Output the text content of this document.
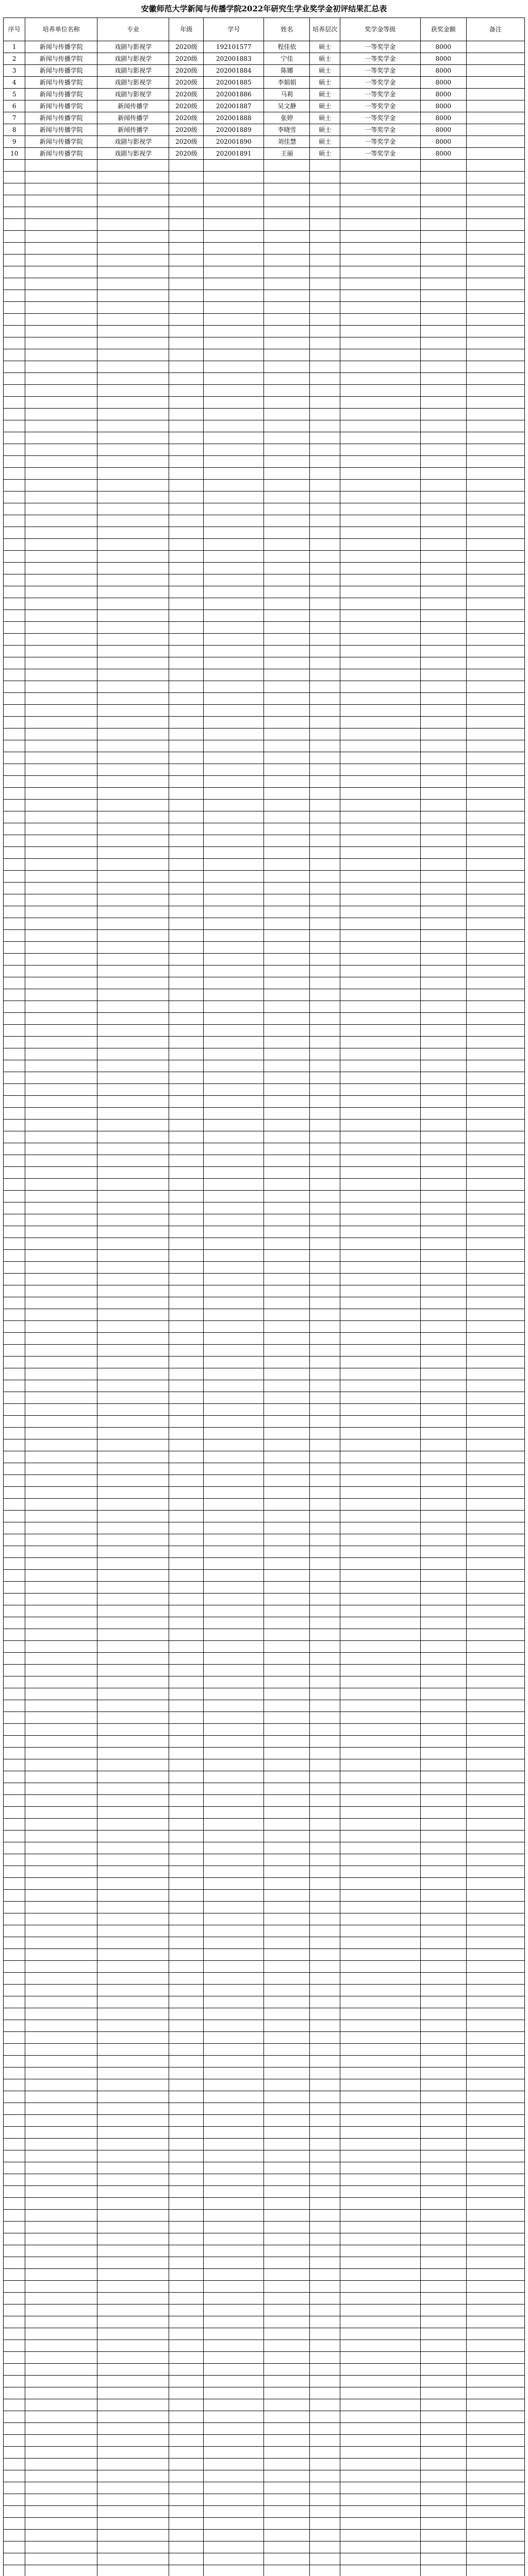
安徽师范大学新闻与传播学院2022年研究生学业奖学金初评结果汇总表
序号	培养单位名称	专业	年级	学号	姓名	培养层次	奖学金等级	获奖金额	备注
1	新闻与传播学院	戏剧与影视学	2020级	192101577	程佳依	硕士	一等奖学金	8000	
2	新闻与传播学院	戏剧与影视学	2020级	202001883	宁佳	硕士	一等奖学金	8000	
3	新闻与传播学院	戏剧与影视学	2020级	202001884	陈娜	硕士	一等奖学金	8000	
4	新闻与传播学院	戏剧与影视学	2020级	202001885	李娟娟	硕士	一等奖学金	8000	
5	新闻与传播学院	戏剧与影视学	2020级	202001886	马莉	硕士	一等奖学金	8000	
6	新闻与传播学院	新闻传播学	2020级	202001887	吴文静	硕士	一等奖学金	8000	
7	新闻与传播学院	新闻传播学	2020级	202001888	张婷	硕士	一等奖学金	8000	
8	新闻与传播学院	新闻传播学	2020级	202001889	李晓雪	硕士	一等奖学金	8000	
9	新闻与传播学院	戏剧与影视学	2020级	202001890	刘佳慧	硕士	一等奖学金	8000	
10	新闻与传播学院	戏剧与影视学	2020级	202001891	王丽	硕士	一等奖学金	8000	
